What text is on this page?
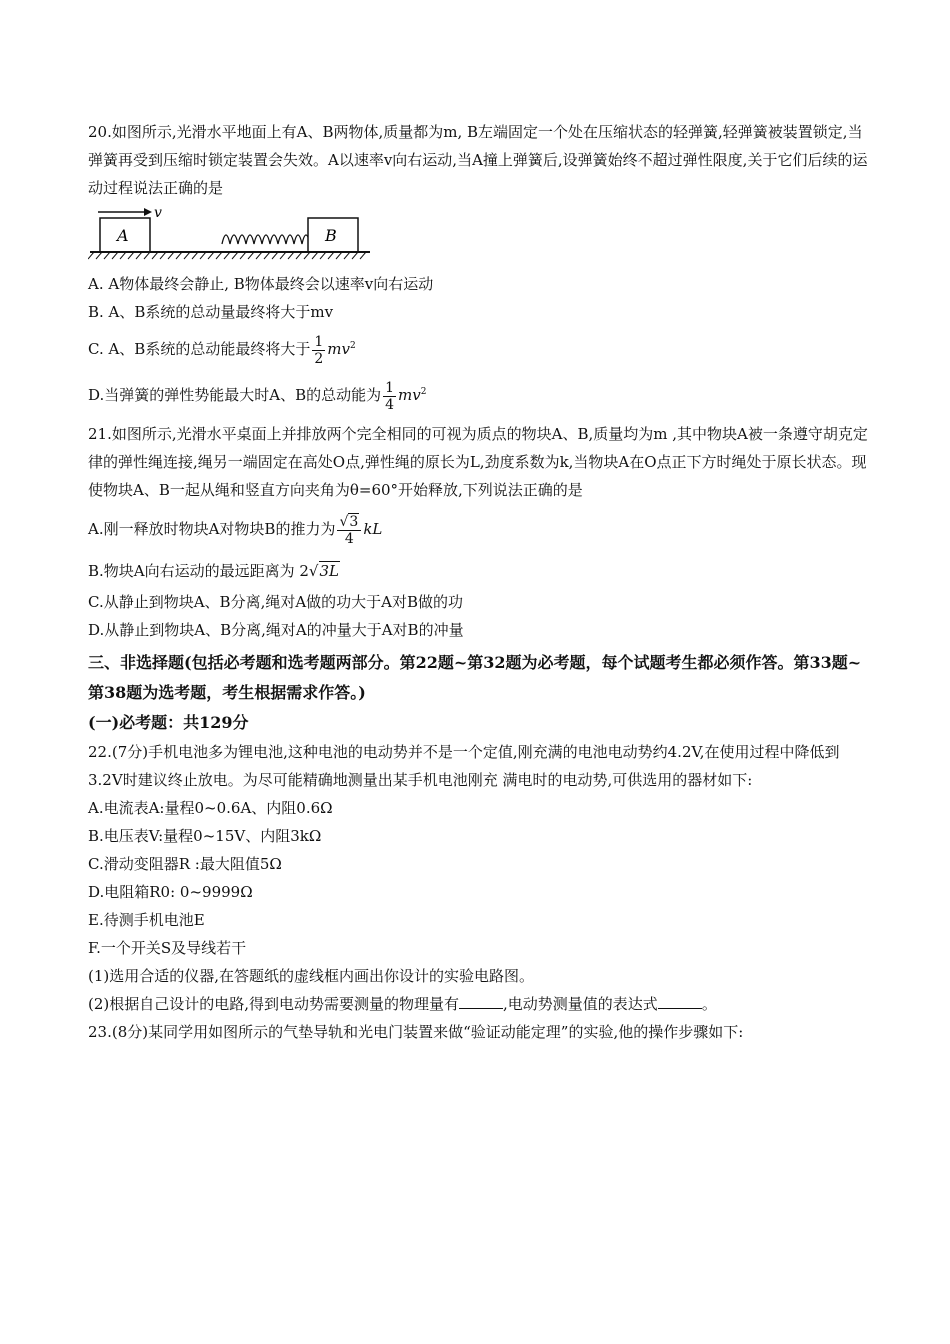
20.如图所示,光滑水平地面上有A、B两物体,质量都为m, B左端固定一个处在压缩状态的轻弹簧,轻弹簧被装置锁定,当弹簧再受到压缩时锁定装置会失效。A以速率v向右运动,当A撞上弹簧后,设弹簧始终不超过弹性限度,关于它们后续的运动过程说法正确的是

v
A	B

A. A物体最终会静止, B物体最终会以速率v向右运动

B. A、B系统的总动量最终将大于mv

C. A、B系统的总动能最终将大于 $\frac{1}{2} mv^2$

D.当弹簧的弹性势能最大时A、B的总动能为 $\frac{1}{4} mv^2$

21.如图所示,光滑水平桌面上并排放两个完全相同的可视为质点的物块A、B,质量均为m ,其中物块A被一条遵守胡克定律的弹性绳连接,绳另一端固定在高处O点,弹性绳的原长为L,劲度系数为k,当物块A在O点正下方时绳处于原长状态。现使物块A、B一起从绳和竖直方向夹角为θ=60°开始释放,下列说法正确的是

A.刚一释放时物块A对物块B的推力为 $\frac{√3}{4}$ kL

B.物块A向右运动的最远距离为 2√3L

C.从静止到物块A、B分离,绳对A做的功大于A对B做的功

D.从静止到物块A、B分离,绳对A的冲量大于A对B的冲量

三、非选择题(包括必考题和选考题两部分。第22题~第32题为必考题，每个试题考生都必须作答。第33题~第38题为选考题，考生根据需求作答。)

(一)必考题：共129分

22.(7分)手机电池多为锂电池,这种电池的电动势并不是一个定值,刚充满的电池电动势约4.2V,在使用过程中降低到3.2V时建议终止放电。为尽可能精确地测量出某手机电池刚充 满电时的电动势,可供选用的器材如下:

A.电流表A:量程0~0.6A、内阻0.6Ω

B.电压表V:量程0~15V、内阻3kΩ

C.滑动变阻器R :最大阻值5Ω

D.电阻箱R0: 0~9999Ω

E.待测手机电池E

F.一个开关S及导线若干

(1)选用合适的仪器,在答题纸的虚线框内画出你设计的实验电路图。

(2)根据自己设计的电路,得到电动势需要测量的物理量有	,电动势测量值的表达式	。

23.(8分)某同学用如图所示的气垫导轨和光电门装置来做“验证动能定理”的实验,他的操作步骤如下:
